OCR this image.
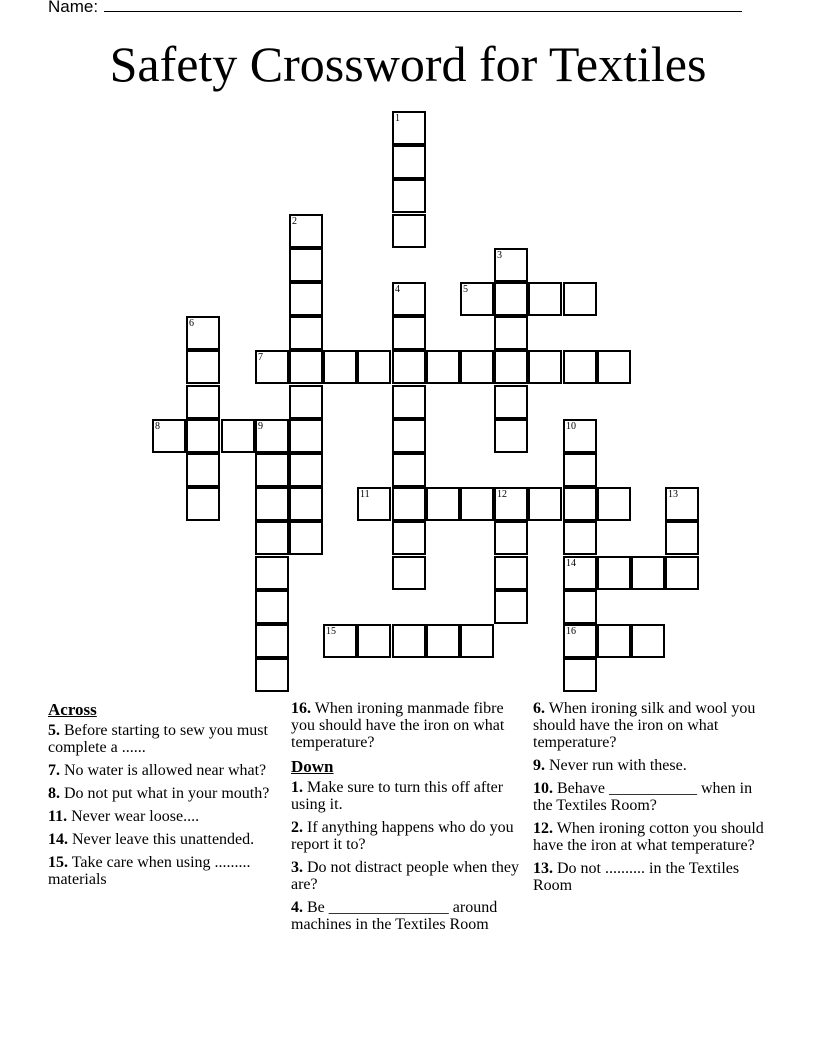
Name:
Safety Crossword for Textiles
1
2
3
4	5
6
7
8	9	10
14
16
11	12	13
15
Across
5. Before starting to sew you must complete a ......
7. No water is allowed near what?
8. Do not put what in your mouth?
11. Never wear loose....
14. Never leave this unattended.
15. Take care when using ......... materials
16. When ironing manmade fibre you should have the iron on what temperature?
Down
1. Make sure to turn this off after using it.
2. If anything happens who do you report it to?
3. Do not distract people when they are?
4. Be _______________ around machines in the Textiles Room
6. When ironing silk and wool you should have the iron on what temperature?
9. Never run with these.
10. Behave ___________ when in the Textiles Room?
12. When ironing cotton you should have the iron at what temperature?
13. Do not .......... in the Textiles Room
